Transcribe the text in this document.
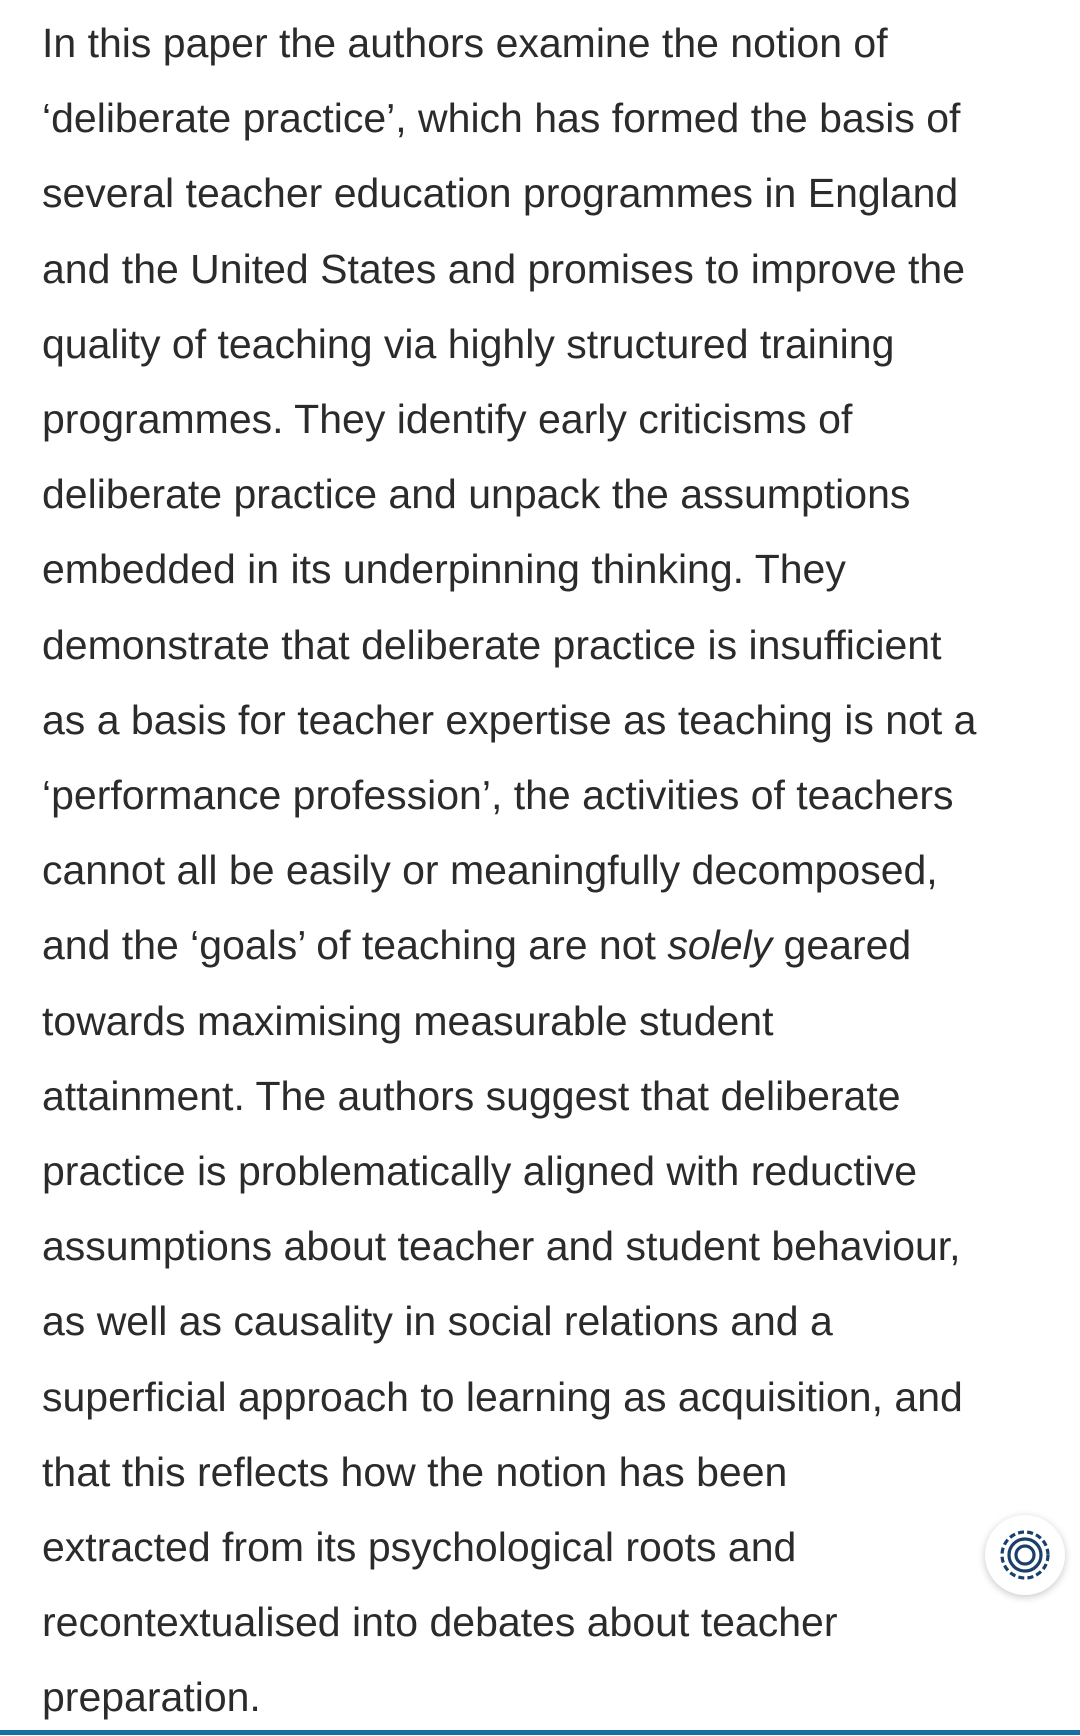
In this paper the authors examine the notion of
‘deliberate practice’, which has formed the basis of
several teacher education programmes in England
and the United States and promises to improve the
quality of teaching via highly structured training
programmes. They identify early criticisms of
deliberate practice and unpack the assumptions
embedded in its underpinning thinking. They
demonstrate that deliberate practice is insufficient
as a basis for teacher expertise as teaching is not a
‘performance profession’, the activities of teachers
cannot all be easily or meaningfully decomposed,
and the ‘goals’ of teaching are not solely geared
towards maximising measurable student
attainment. The authors suggest that deliberate
practice is problematically aligned with reductive
assumptions about teacher and student behaviour,
as well as causality in social relations and a
superficial approach to learning as acquisition, and
that this reflects how the notion has been
extracted from its psychological roots and
recontextualised into debates about teacher
preparation.
